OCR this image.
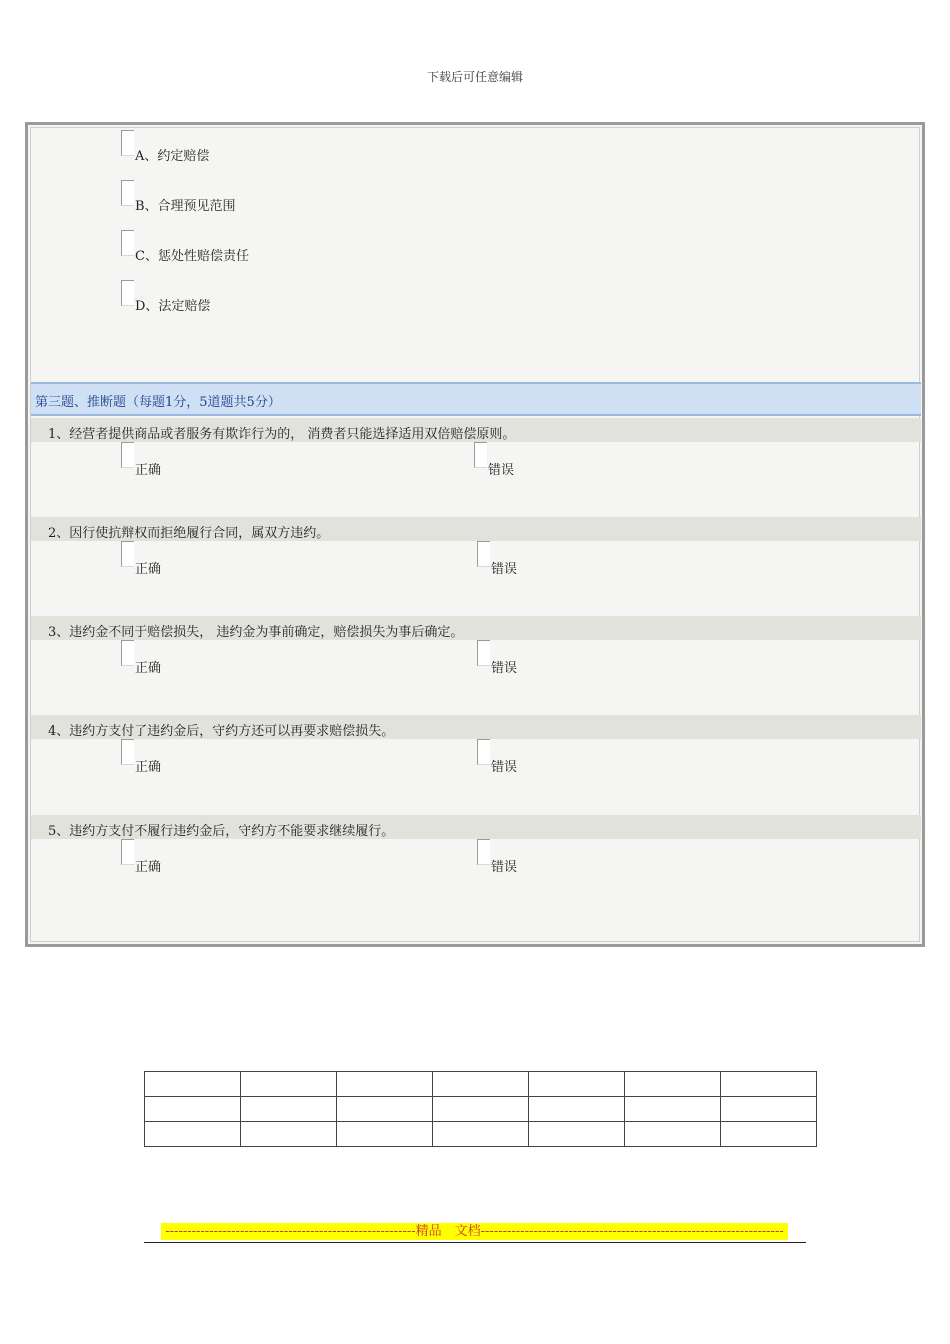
下载后可任意编辑
A、约定赔偿
B、合理预见范围
C、惩处性赔偿责任
D、法定赔偿
第三题、推断题（每题1分，5道题共5分）
1、经营者提供商品或者服务有欺诈行为的， 消费者只能选择适用双倍赔偿原则。
正确	错误
2、因行使抗辩权而拒绝履行合同，属双方违约。
正确	错误
3、违约金不同于赔偿损失， 违约金为事前确定，赔偿损失为事后确定。
正确	错误
4、违约方支付了违约金后，守约方还可以再要求赔偿损失。
正确	错误
5、违约方支付不履行违约金后，守约方不能要求继续履行。
正确	错误

---------------------------------------------------------精品　文档---------------------------------------------------------------------
